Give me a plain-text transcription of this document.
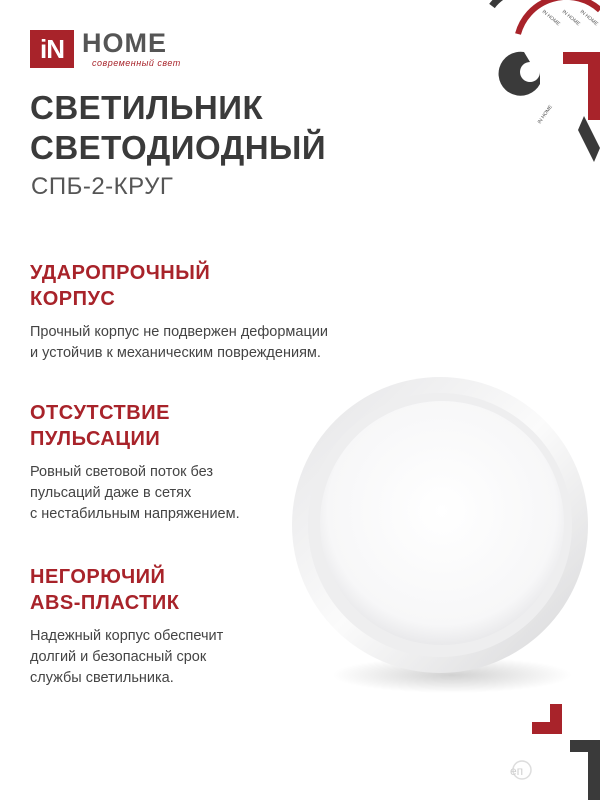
iN HOME
современный свет
IN HOME IN HOME
IN HOME
IN HOME
СВЕТИЛЬНИК
СВЕТОДИОДНЫЙ
СПБ-2-КРУГ
УДАРОПРОЧНЫЙ
КОРПУС
Прочный корпус не подвержен деформации
и устойчив к механическим повреждениям.
ОТСУТСТВИЕ
ПУЛЬСАЦИИ
Ровный световой поток без
пульсаций даже в сетях
с нестабильным напряжением.
НЕГОРЮЧИЙ
ABS-ПЛАСТИК
Надежный корпус обеспечит
долгий и безопасный срок
службы светильника.
еп
